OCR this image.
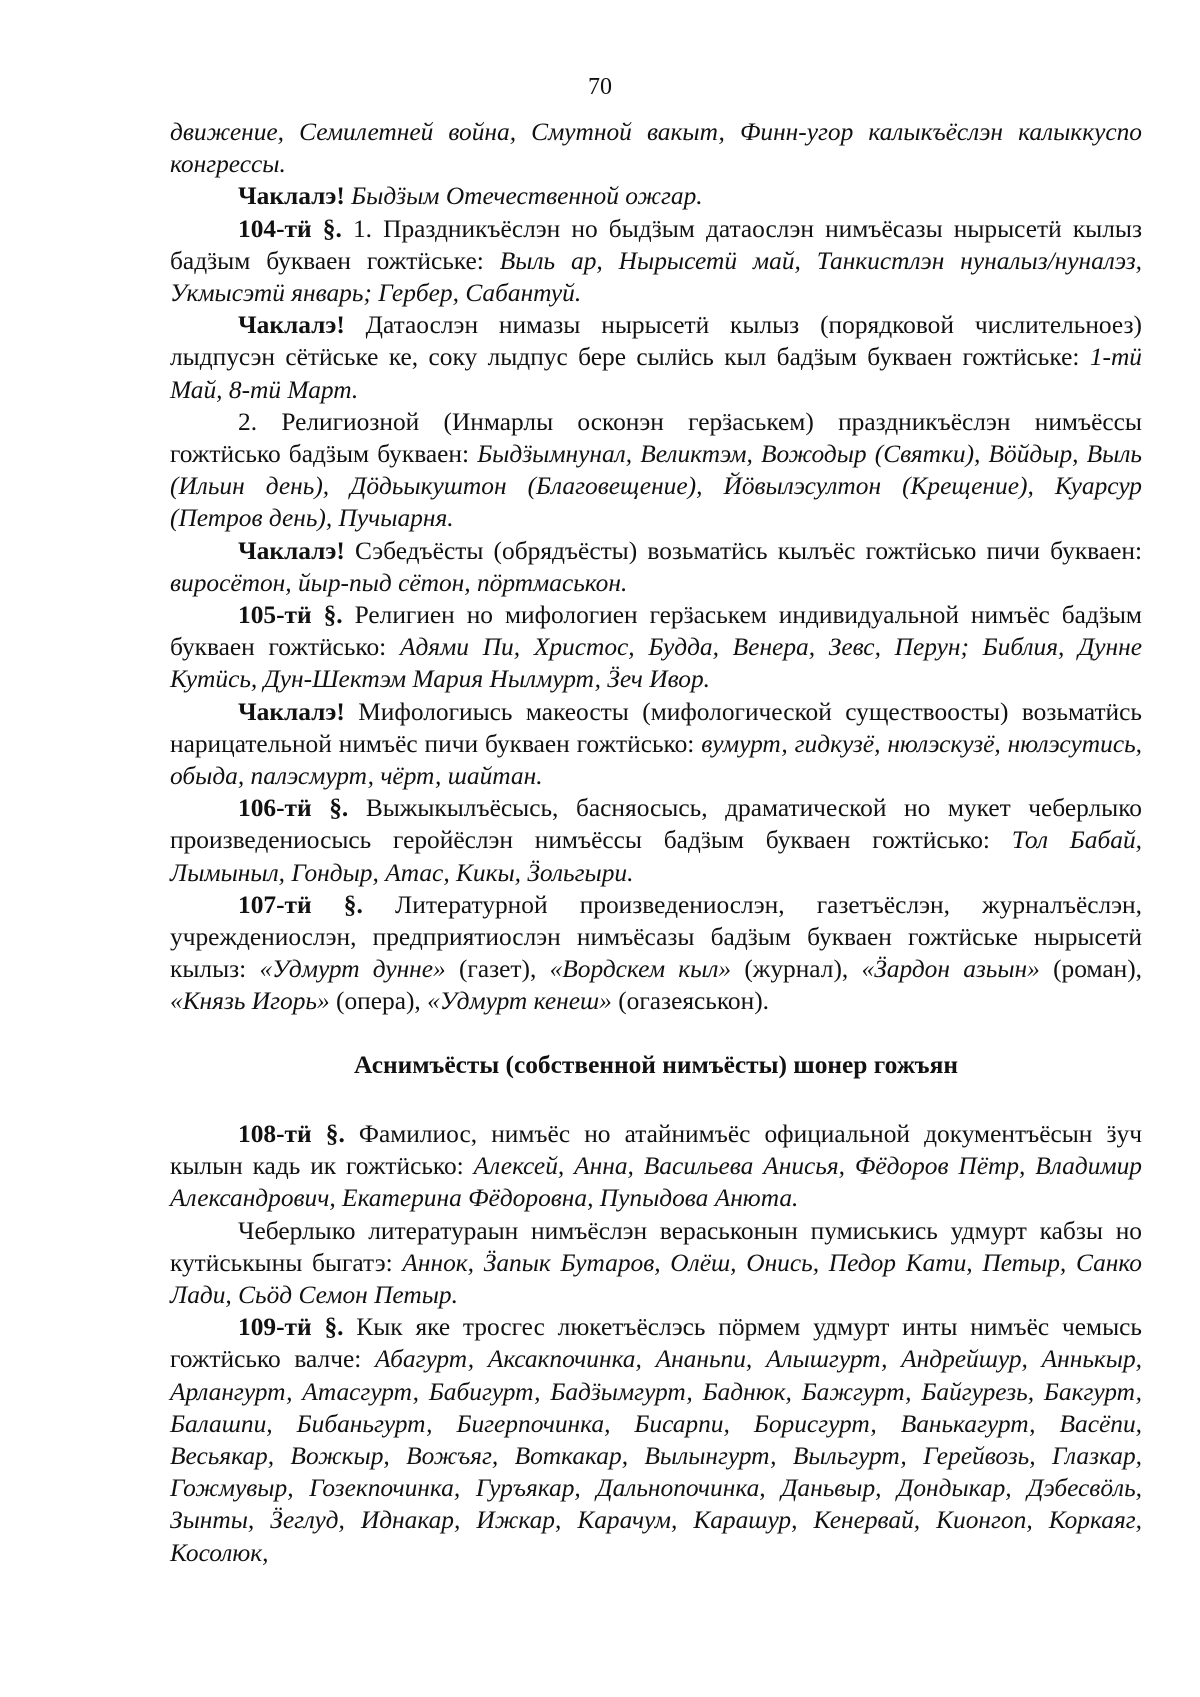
70

движение, Семилетней война, Смутной вакыт, Финн-угор калыкъёслэн калыккуспо конгрессы.

Чаклалэ! Быдӟым Отечественной ожгар.

104-тӥ §. 1. Праздникъёслэн но быдӟым датаослэн нимъёсазы нырысетӥ кылыз бадӟым букваен гожтӥське: Выль ар, Нырысетӥ май, Танкистлэн нуналыз/нуналэз, Укмысэтӥ январь; Гербер, Сабантуй.

Чаклалэ! Датаослэн нимазы нырысетӥ кылыз (порядковой числительноез) лыдпусэн сётӥське ке, соку лыдпус бере сылӥсь кыл бадӟым букваен гожтӥське: 1-тӥ Май, 8-тӥ Март.

2. Религиозной (Инмарлы осконэн герӟаськем) праздникъёслэн нимъёссы гожтӥсько бадӟым букваен: Быдӟымнунал, Великтэм, Вожодыр (Святки), Вӧйдыр, Выль (Ильин день), Дӧдьыкуштон (Благовещение), Йӧвылэсултон (Крещение), Куарсур (Петров день), Пучыарня.

Чаклалэ! Сэбедъёсты (обрядъёсты) возьматӥсь кылъёс гожтӥсько пичи букваен: виросётон, йыр-пыд сётон, пӧртмаськон.

105-тӥ §. Религиен но мифологиен герӟаськем индивидуальной нимъёс бадӟым букваен гожтӥсько: Адями Пи, Христос, Будда, Венера, Зевс, Перун; Библия, Дунне Кутӥсь, Дун-Шектэм Мария Нылмурт, Ӟеч Ивор.

Чаклалэ! Мифологиысь макеосты (мифологической существоосты) возьматӥсь нарицательной нимъёс пичи букваен гожтӥсько: вумурт, гидкузё, нюлэскузё, нюлэсутись, обыда, палэсмурт, чёрт, шайтан.

106-тӥ §. Выжыкылъёсысь, басняосысь, драматической но мукет чеберлыко произведениосысь геройёслэн нимъёссы бадӟым букваен гожтӥсько: Тол Бабай, Лымыныл, Гондыр, Атас, Кикы, Ӟольгыри.

107-тӥ §. Литературной произведениослэн, газетъёслэн, журналъёслэн, учреждениослэн, предприятиослэн нимъёсазы бадӟым букваен гожтӥське нырысетӥ кылыз: «Удмурт дунне» (газет), «Вордскем кыл» (журнал), «Ӟардон азьын» (роман), «Князь Игорь» (опера), «Удмурт кенеш» (огазеяськон).

Аснимъёсты (собственной нимъёсты) шонер гожъян

108-тӥ §. Фамилиос, нимъёс но атайнимъёс официальной документъёсын ӟуч кылын кадь ик гожтӥсько: Алексей, Анна, Васильева Анисья, Фёдоров Пётр, Владимир Александрович, Екатерина Фёдоровна, Пупыдова Анюта.

Чеберлыко литератураын нимъёслэн вераськонын пумиськись удмурт кабзы но кутӥськыны быгатэ: Аннок, Ӟапык Бутаров, Олёш, Онись, Педор Кати, Петыр, Санко Лади, Сьӧд Семон Петыр.

109-тӥ §. Кык яке тросгес люкетъёслэсь пӧрмем удмурт инты нимъёс чемысь гожтӥсько валче: Абагурт, Аксакпочинка, Ананьпи, Алышгурт, Андрейшур, Аннькыр, Арлангурт, Атасгурт, Бабигурт, Бадӟымгурт, Баднюк, Бажгурт, Байгурезь, Бакгурт, Балашпи, Бибаньгурт, Бигерпочинка, Бисарпи, Борисгурт, Ванькагурт, Васёпи, Весьякар, Вожкыр, Вожъяг, Воткакар, Вылынгурт, Выльгурт, Герейвозь, Глазкар, Гожмувыр, Гозекпочинка, Гуръякар, Дальнопочинка, Даньвыр, Дондыкар, Дэбесвӧль, Зынты, Ӟеглуд, Иднакар, Ижкар, Карачум, Карашур, Кенервай, Кионгоп, Коркаяг, Косолюк,
